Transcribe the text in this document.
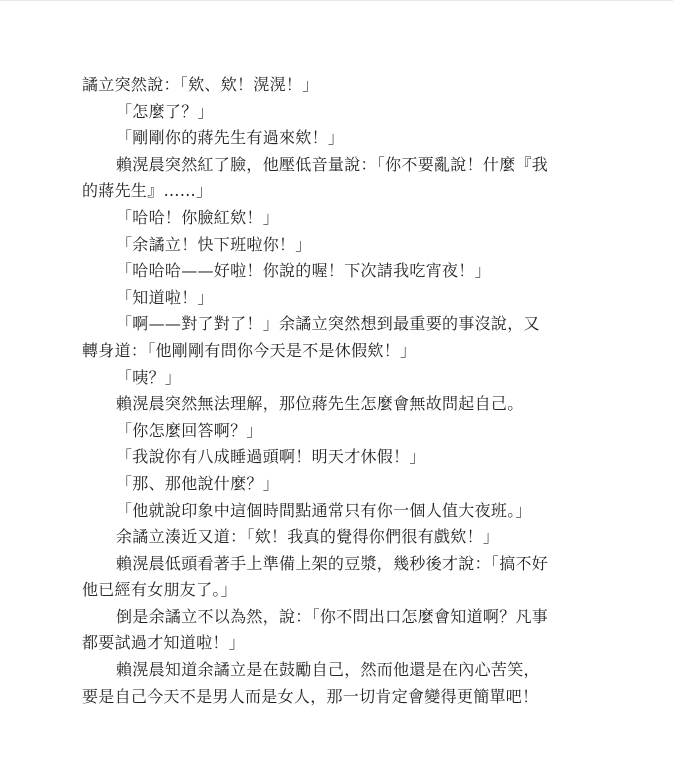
譎立突然說：「欸、欸！滉滉！」
「怎麼了？」
「剛剛你的蔣先生有過來欸！」
賴滉晨突然紅了臉，他壓低音量說：「你不要亂說！什麼『我
的蔣先生』……」
「哈哈！你臉紅欸！」
「余譎立！快下班啦你！」
「哈哈哈——好啦！你說的喔！下次請我吃宵夜！」
「知道啦！」
「啊——對了對了！」余譎立突然想到最重要的事沒說，又
轉身道：「他剛剛有問你今天是不是休假欸！」
「咦？」
賴滉晨突然無法理解，那位蔣先生怎麼會無故問起自己。
「你怎麼回答啊？」
「我說你有八成睡過頭啊！明天才休假！」
「那、那他說什麼？」
「他就說印象中這個時間點通常只有你一個人值大夜班。」
余譎立湊近又道：「欸！我真的覺得你們很有戲欸！」
賴滉晨低頭看著手上準備上架的豆漿，幾秒後才說：「搞不好
他已經有女朋友了。」
倒是余譎立不以為然，說：「你不問出口怎麼會知道啊？凡事
都要試過才知道啦！」
賴滉晨知道余譎立是在鼓勵自己，然而他還是在內心苦笑，
要是自己今天不是男人而是女人，那一切肯定會變得更簡單吧！
